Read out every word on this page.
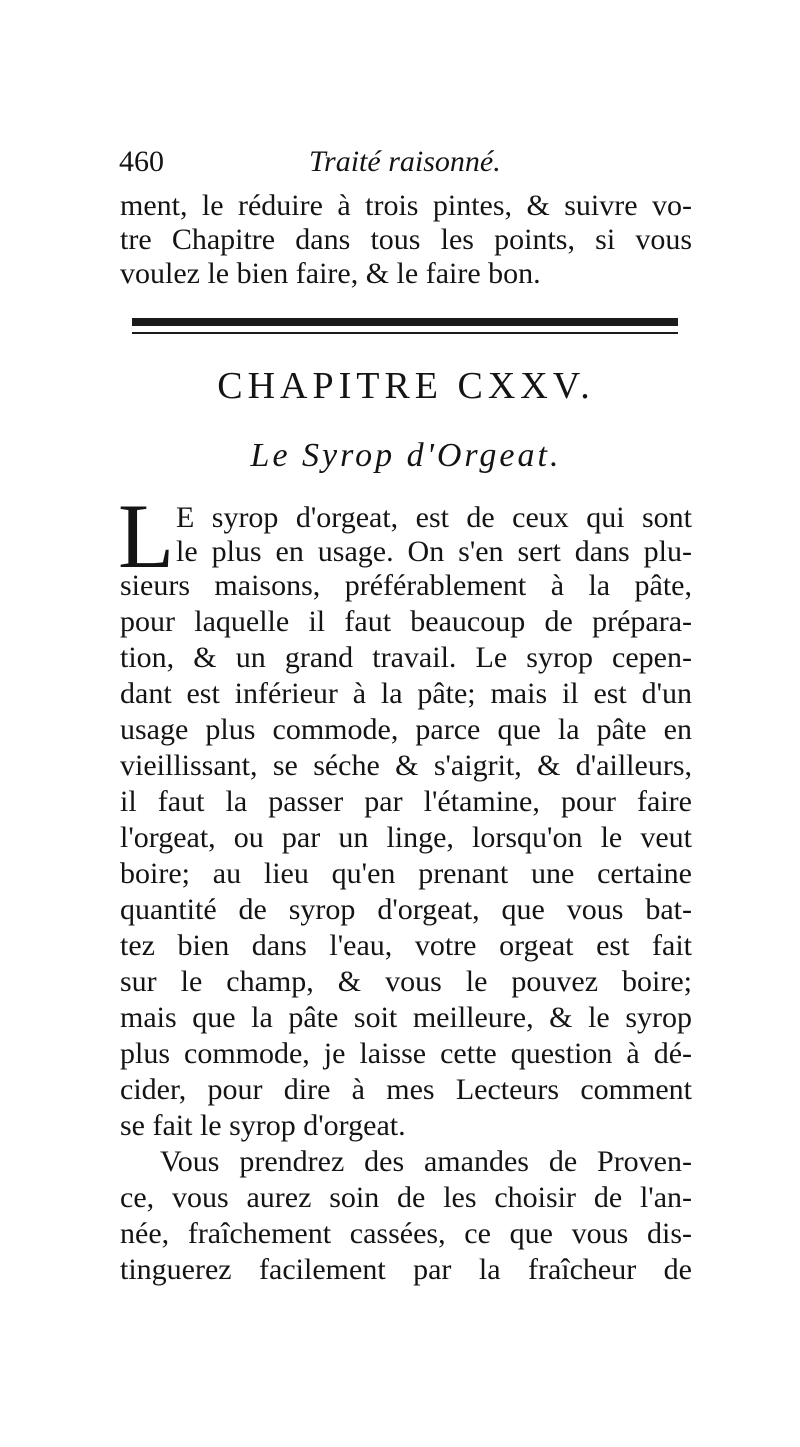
460	Traité raisonné.
ment, le réduire à trois pintes, & suivre vo-
tre Chapitre dans tous les points, si vous
voulez le bien faire, & le faire bon.
CHAPITRE CXXV.
Le Syrop d'Orgeat.
L E syrop d'orgeat, est de ceux qui sont
le plus en usage. On s'en sert dans plu-
sieurs maisons, préférablement à la pâte,
pour laquelle il faut beaucoup de prépara-
tion, & un grand travail. Le syrop cepen-
dant est inférieur à la pâte; mais il est d'un
usage plus commode, parce que la pâte en
vieillissant, se séche & s'aigrit, & d'ailleurs,
il faut la passer par l'étamine, pour faire
l'orgeat, ou par un linge, lorsqu'on le veut
boire; au lieu qu'en prenant une certaine
quantité de syrop d'orgeat, que vous bat-
tez bien dans l'eau, votre orgeat est fait
sur le champ, & vous le pouvez boire;
mais que la pâte soit meilleure, & le syrop
plus commode, je laisse cette question à dé-
cider, pour dire à mes Lecteurs comment
se fait le syrop d'orgeat.
Vous prendrez des amandes de Proven-
ce, vous aurez soin de les choisir de l'an-
née, fraîchement cassées, ce que vous dis-
tinguerez facilement par la fraîcheur de
